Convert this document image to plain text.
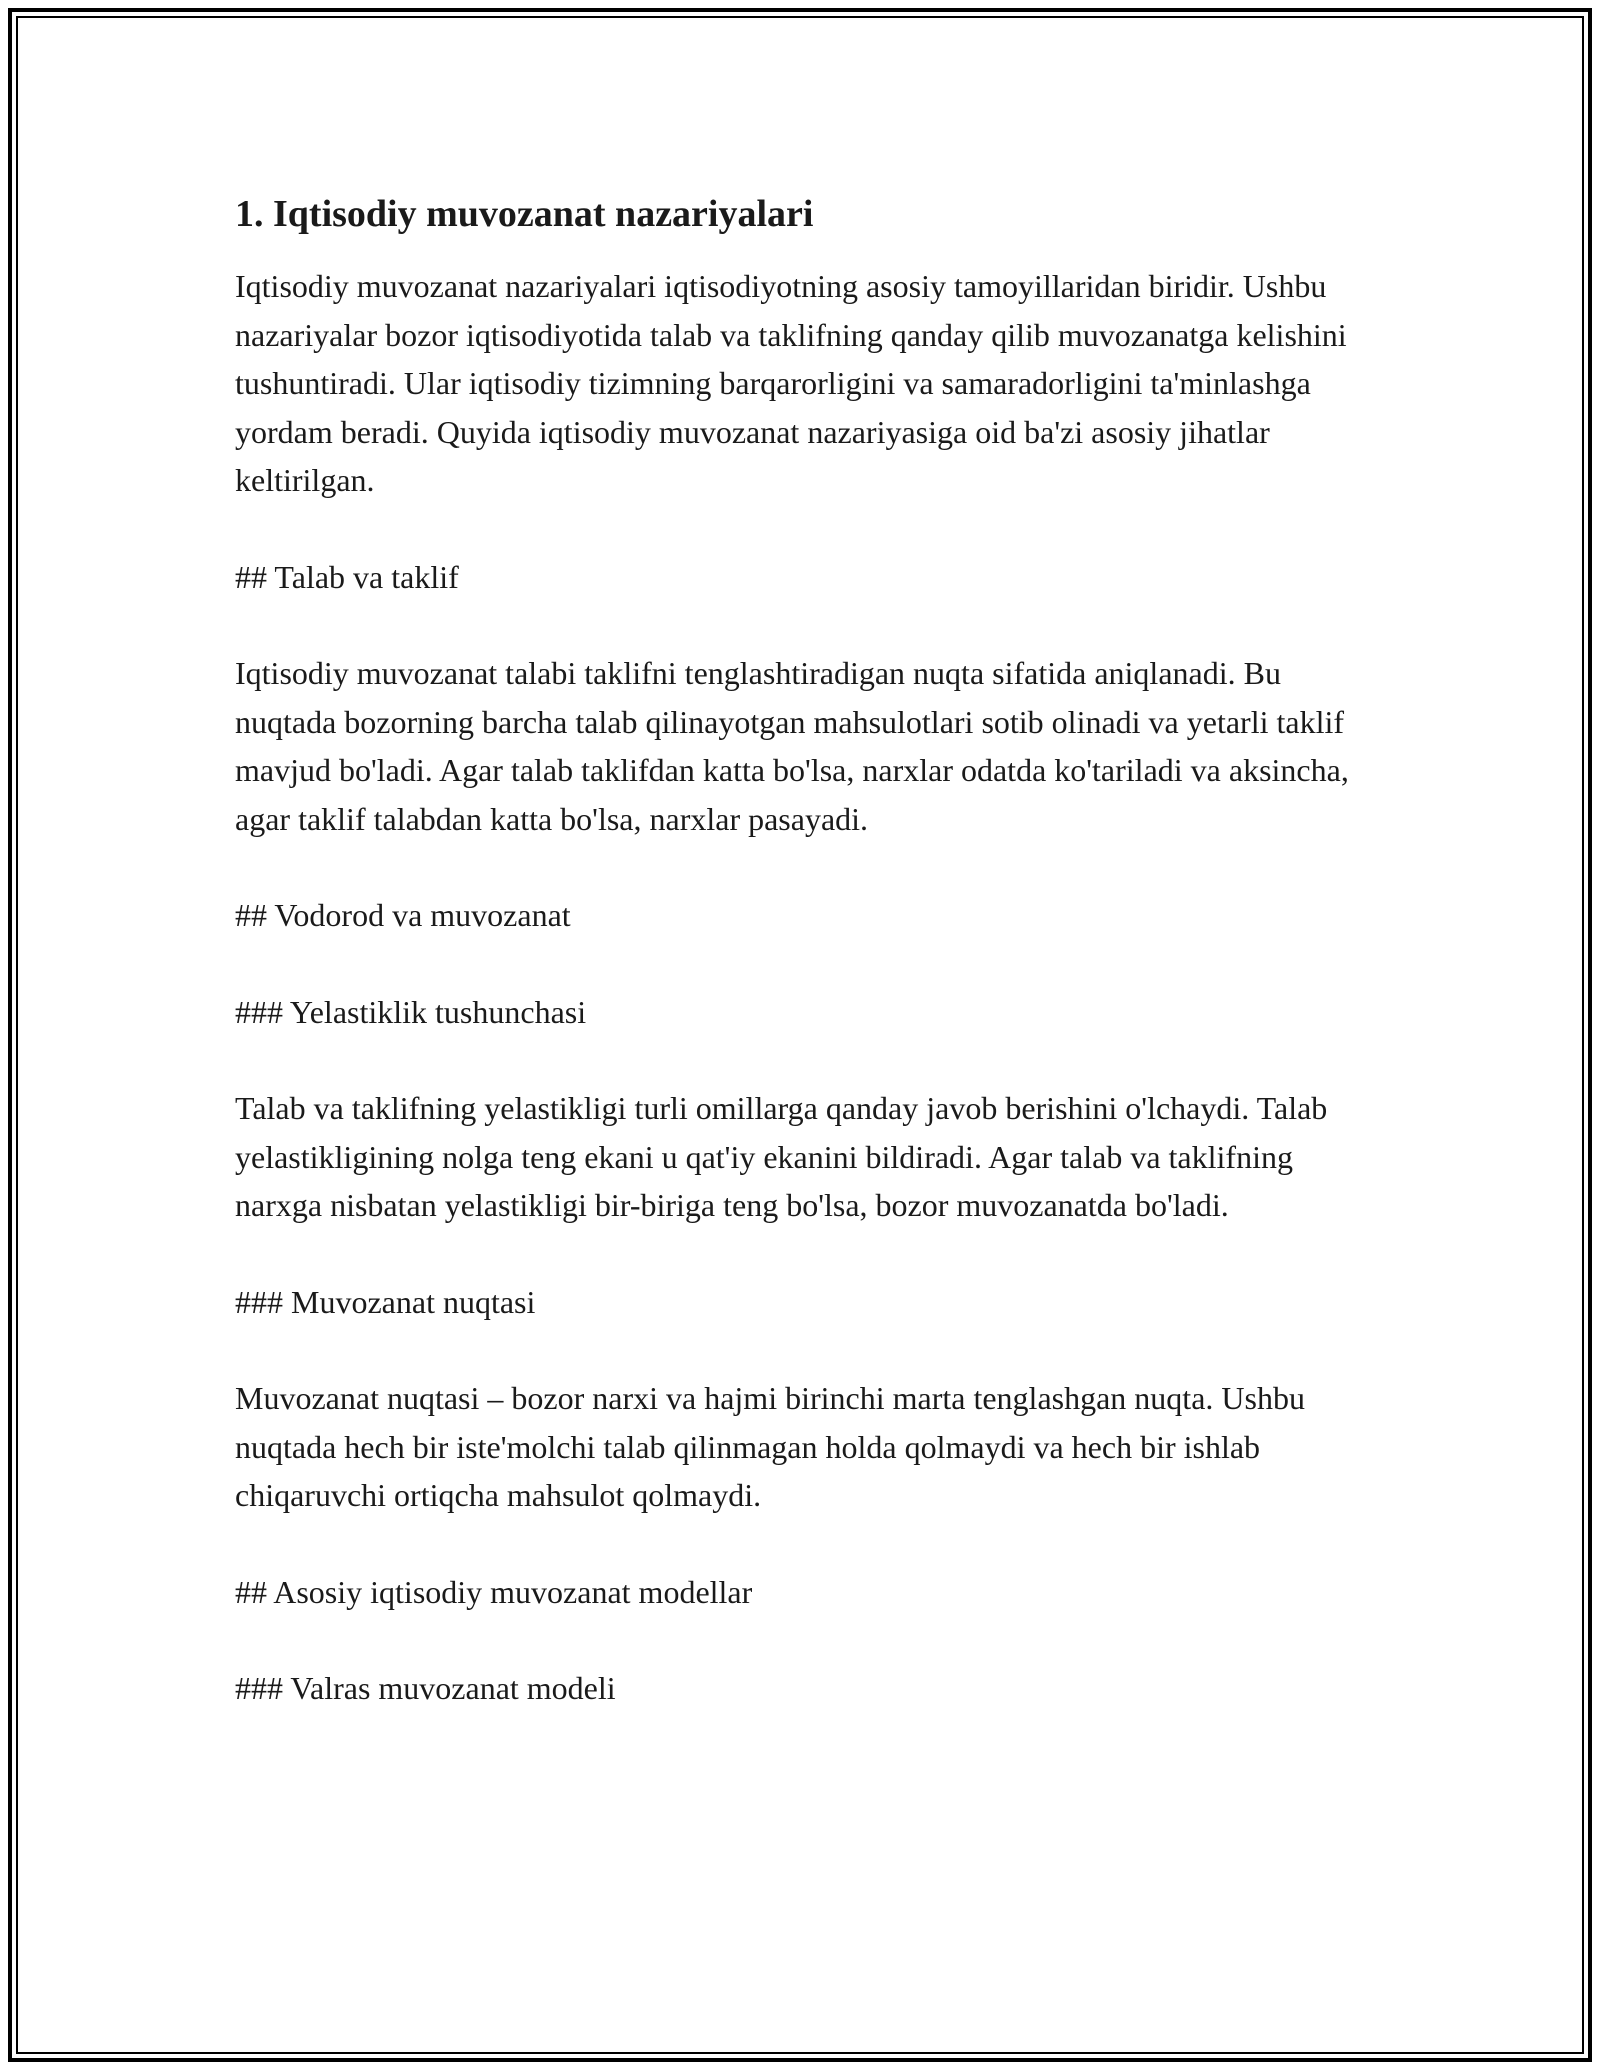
1. Iqtisodiy muvozanat nazariyalari
Iqtisodiy muvozanat nazariyalari iqtisodiyotning asosiy tamoyillaridan biridir. Ushbu nazariyalar bozor iqtisodiyotida talab va taklifning qanday qilib muvozanatga kelishini tushuntiradi. Ular iqtisodiy tizimning barqarorligini va samaradorligini ta'minlashga yordam beradi. Quyida iqtisodiy muvozanat nazariyasiga oid ba'zi asosiy jihatlar keltirilgan.
## Talab va taklif
Iqtisodiy muvozanat talabi taklifni tenglashtiradigan nuqta sifatida aniqlanadi. Bu nuqtada bozorning barcha talab qilinayotgan mahsulotlari sotib olinadi va yetarli taklif mavjud bo'ladi. Agar talab taklifdan katta bo'lsa, narxlar odatda ko'tariladi va aksincha, agar taklif talabdan katta bo'lsa, narxlar pasayadi.
## Vodorod va muvozanat
### Yelastiklik tushunchasi
Talab va taklifning yelastikligi turli omillarga qanday javob berishini o'lchaydi. Talab yelastikligining nolga teng ekani u qat'iy ekanini bildiradi. Agar talab va taklifning narxga nisbatan yelastikligi bir-biriga teng bo'lsa, bozor muvozanatda bo'ladi.
### Muvozanat nuqtasi
Muvozanat nuqtasi – bozor narxi va hajmi birinchi marta tenglashgan nuqta. Ushbu nuqtada hech bir iste'molchi talab qilinmagan holda qolmaydi va hech bir ishlab chiqaruvchi ortiqcha mahsulot qolmaydi.
## Asosiy iqtisodiy muvozanat modellar
### Valras muvozanat modeli
